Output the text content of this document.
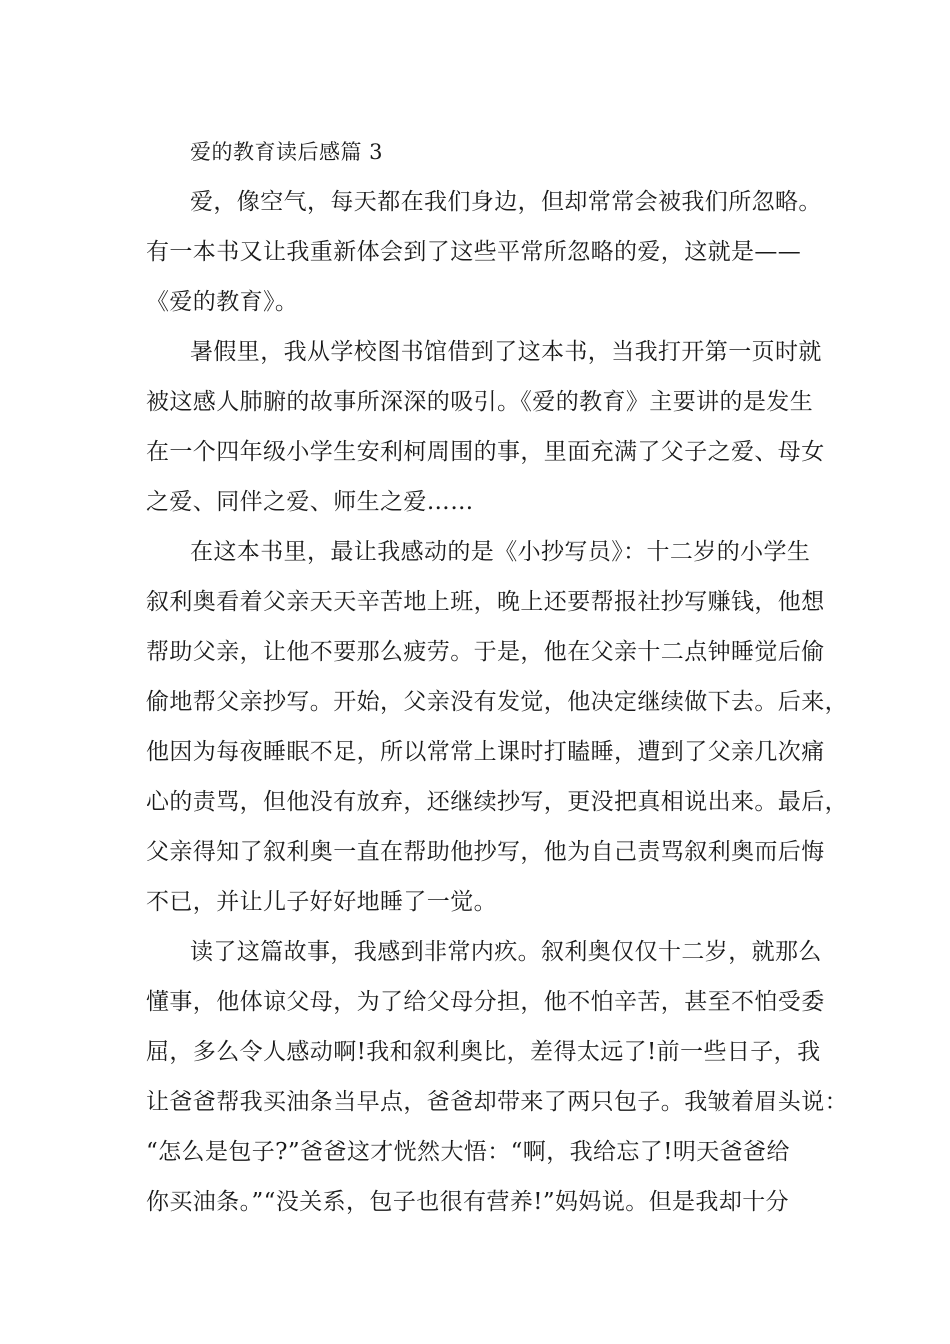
爱的教育读后感篇 3
爱，像空气，每天都在我们身边，但却常常会被我们所忽略。
有一本书又让我重新体会到了这些平常所忽略的爱，这就是——
《爱的教育》。
暑假里，我从学校图书馆借到了这本书，当我打开第一页时就
被这感人肺腑的故事所深深的吸引。《爱的教育》主要讲的是发生
在一个四年级小学生安利柯周围的事，里面充满了父子之爱、母女
之爱、同伴之爱、师生之爱……
在这本书里，最让我感动的是《小抄写员》：十二岁的小学生
叙利奥看着父亲天天辛苦地上班，晚上还要帮报社抄写赚钱，他想
帮助父亲，让他不要那么疲劳。于是，他在父亲十二点钟睡觉后偷
偷地帮父亲抄写。开始，父亲没有发觉，他决定继续做下去。后来，
他因为每夜睡眠不足，所以常常上课时打瞌睡，遭到了父亲几次痛
心的责骂，但他没有放弃，还继续抄写，更没把真相说出来。最后，
父亲得知了叙利奥一直在帮助他抄写，他为自己责骂叙利奥而后悔
不已，并让儿子好好地睡了一觉。
读了这篇故事，我感到非常内疚。叙利奥仅仅十二岁，就那么
懂事，他体谅父母，为了给父母分担，他不怕辛苦，甚至不怕受委
屈，多么令人感动啊!我和叙利奥比，差得太远了!前一些日子，我
让爸爸帮我买油条当早点，爸爸却带来了两只包子。我皱着眉头说：
“怎么是包子?”爸爸这才恍然大悟：“啊，我给忘了!明天爸爸给
你买油条。”“没关系，包子也很有营养!”妈妈说。但是我却十分
